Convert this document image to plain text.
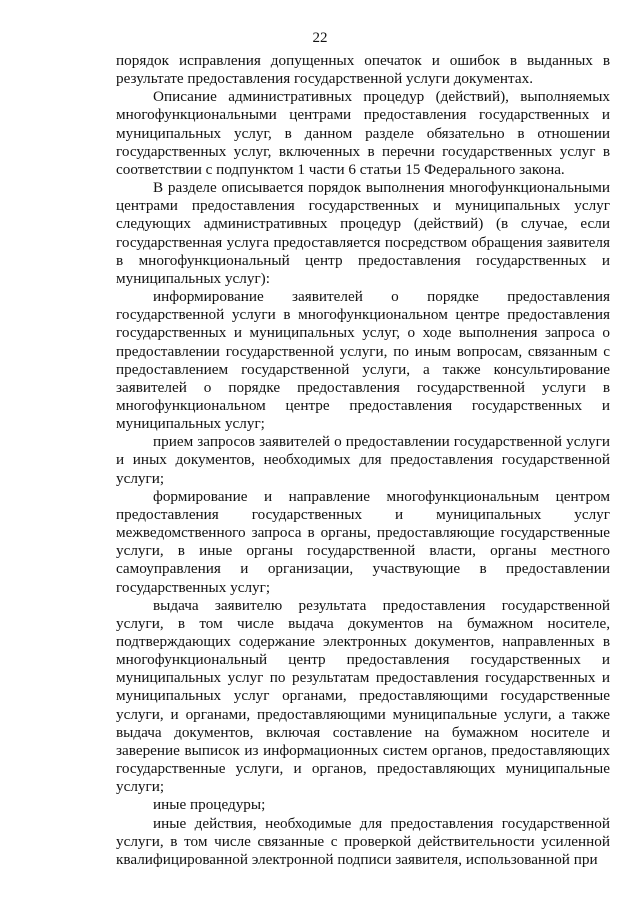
22

порядок исправления допущенных опечаток и ошибок в выданных в результате предоставления государственной услуги документах.

Описание административных процедур (действий), выполняемых многофункциональными центрами предоставления государственных и муниципальных услуг, в данном разделе обязательно в отношении государственных услуг, включенных в перечни государственных услуг в соответствии с подпунктом 1 части 6 статьи 15 Федерального закона.

В разделе описывается порядок выполнения многофункциональными центрами предоставления государственных и муниципальных услуг следующих административных процедур (действий) (в случае, если государственная услуга предоставляется посредством обращения заявителя в многофункциональный центр предоставления государственных и муниципальных услуг):

информирование заявителей о порядке предоставления государственной услуги в многофункциональном центре предоставления государственных и муниципальных услуг, о ходе выполнения запроса о предоставлении государственной услуги, по иным вопросам, связанным с предоставлением государственной услуги, а также консультирование заявителей о порядке предоставления государственной услуги в многофункциональном центре предоставления государственных и муниципальных услуг;

прием запросов заявителей о предоставлении государственной услуги и иных документов, необходимых для предоставления государственной услуги;

формирование и направление многофункциональным центром предоставления государственных и муниципальных услуг межведомственного запроса в органы, предоставляющие государственные услуги, в иные органы государственной власти, органы местного самоуправления и организации, участвующие в предоставлении государственных услуг;

выдача заявителю результата предоставления государственной услуги, в том числе выдача документов на бумажном носителе, подтверждающих содержание электронных документов, направленных в многофункциональный центр предоставления государственных и муниципальных услуг по результатам предоставления государственных и муниципальных услуг органами, предоставляющими государственные услуги, и органами, предоставляющими муниципальные услуги, а также выдача документов, включая составление на бумажном носителе и заверение выписок из информационных систем органов, предоставляющих государственные услуги, и органов, предоставляющих муниципальные услуги;

иные процедуры;

иные действия, необходимые для предоставления государственной услуги, в том числе связанные с проверкой действительности усиленной квалифицированной электронной подписи заявителя, использованной при
